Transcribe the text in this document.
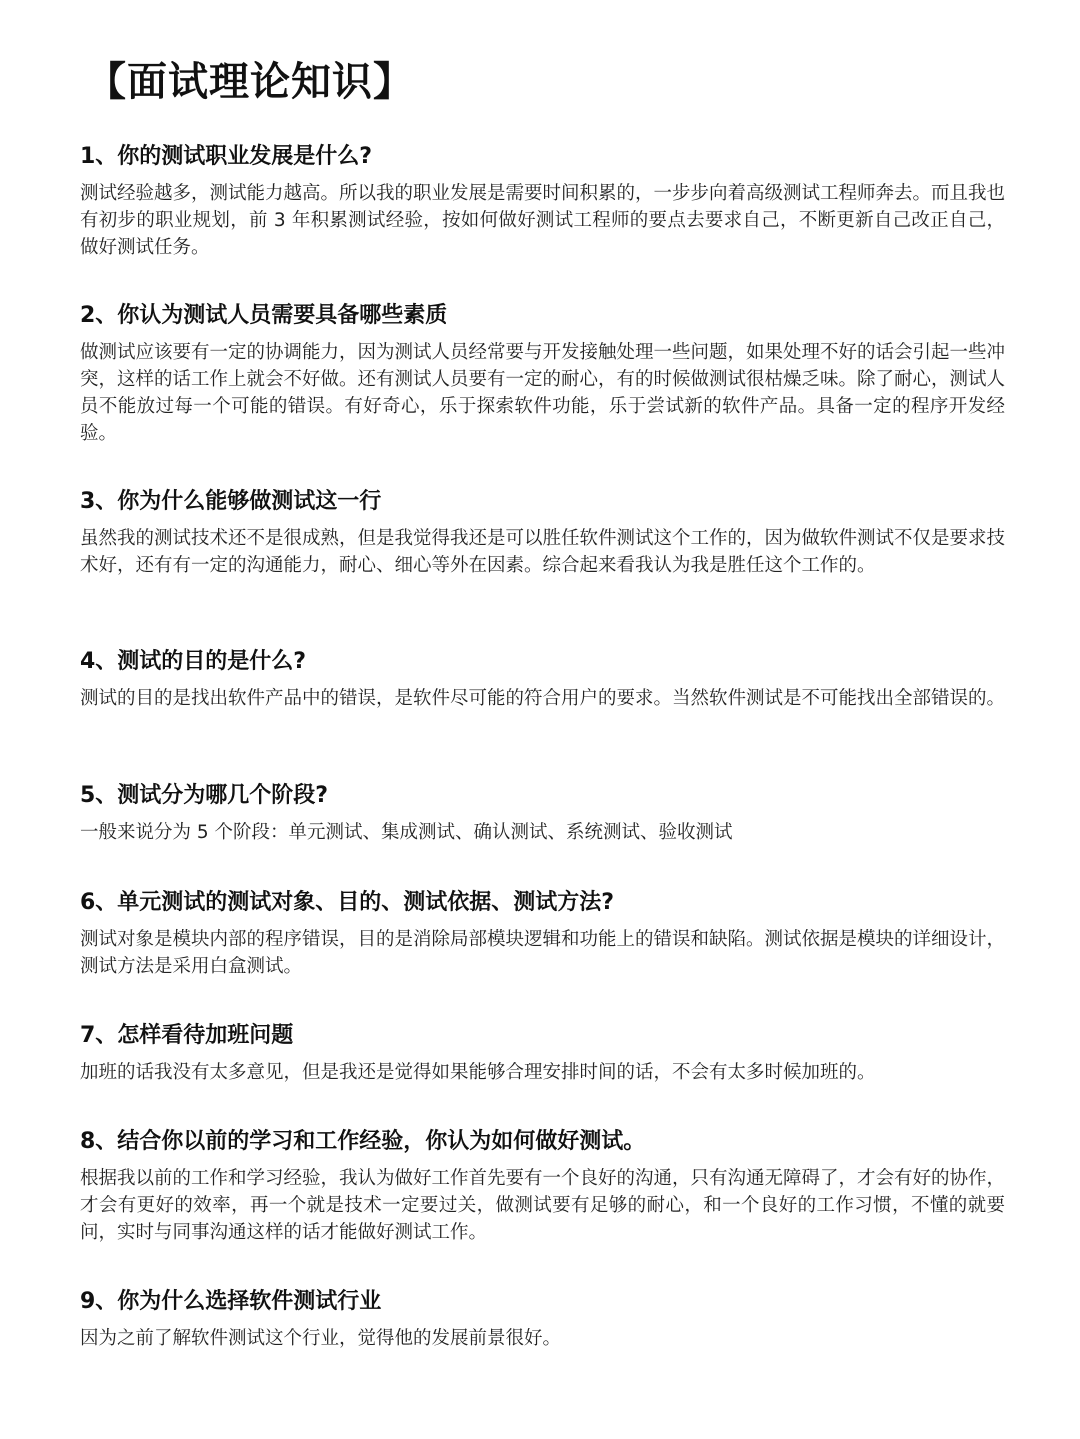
【面试理论知识】
1、你的测试职业发展是什么?
测试经验越多，测试能力越高。所以我的职业发展是需要时间积累的，一步步向着高级测试工程师奔去。而且我也有初步的职业规划，前 3 年积累测试经验，按如何做好测试工程师的要点去要求自己，不断更新自己改正自己，做好测试任务。
2、你认为测试人员需要具备哪些素质
做测试应该要有一定的协调能力，因为测试人员经常要与开发接触处理一些问题，如果处理不好的话会引起一些冲突，这样的话工作上就会不好做。还有测试人员要有一定的耐心，有的时候做测试很枯燥乏味。除了耐心，测试人员不能放过每一个可能的错误。有好奇心，乐于探索软件功能，乐于尝试新的软件产品。具备一定的程序开发经验。
3、你为什么能够做测试这一行
虽然我的测试技术还不是很成熟，但是我觉得我还是可以胜任软件测试这个工作的，因为做软件测试不仅是要求技术好，还有有一定的沟通能力，耐心、细心等外在因素。综合起来看我认为我是胜任这个工作的。
4、测试的目的是什么?
测试的目的是找出软件产品中的错误，是软件尽可能的符合用户的要求。当然软件测试是不可能找出全部错误的。
5、测试分为哪几个阶段?
一般来说分为 5 个阶段：单元测试、集成测试、确认测试、系统测试、验收测试
6、单元测试的测试对象、目的、测试依据、测试方法?
测试对象是模块内部的程序错误，目的是消除局部模块逻辑和功能上的错误和缺陷。测试依据是模块的详细设计，测试方法是采用白盒测试。
7、怎样看待加班问题
加班的话我没有太多意见，但是我还是觉得如果能够合理安排时间的话，不会有太多时候加班的。
8、结合你以前的学习和工作经验，你认为如何做好测试。
根据我以前的工作和学习经验，我认为做好工作首先要有一个良好的沟通，只有沟通无障碍了，才会有好的协作，才会有更好的效率，再一个就是技术一定要过关，做测试要有足够的耐心，和一个良好的工作习惯，不懂的就要问，实时与同事沟通这样的话才能做好测试工作。
9、你为什么选择软件测试行业
因为之前了解软件测试这个行业，觉得他的发展前景很好。
